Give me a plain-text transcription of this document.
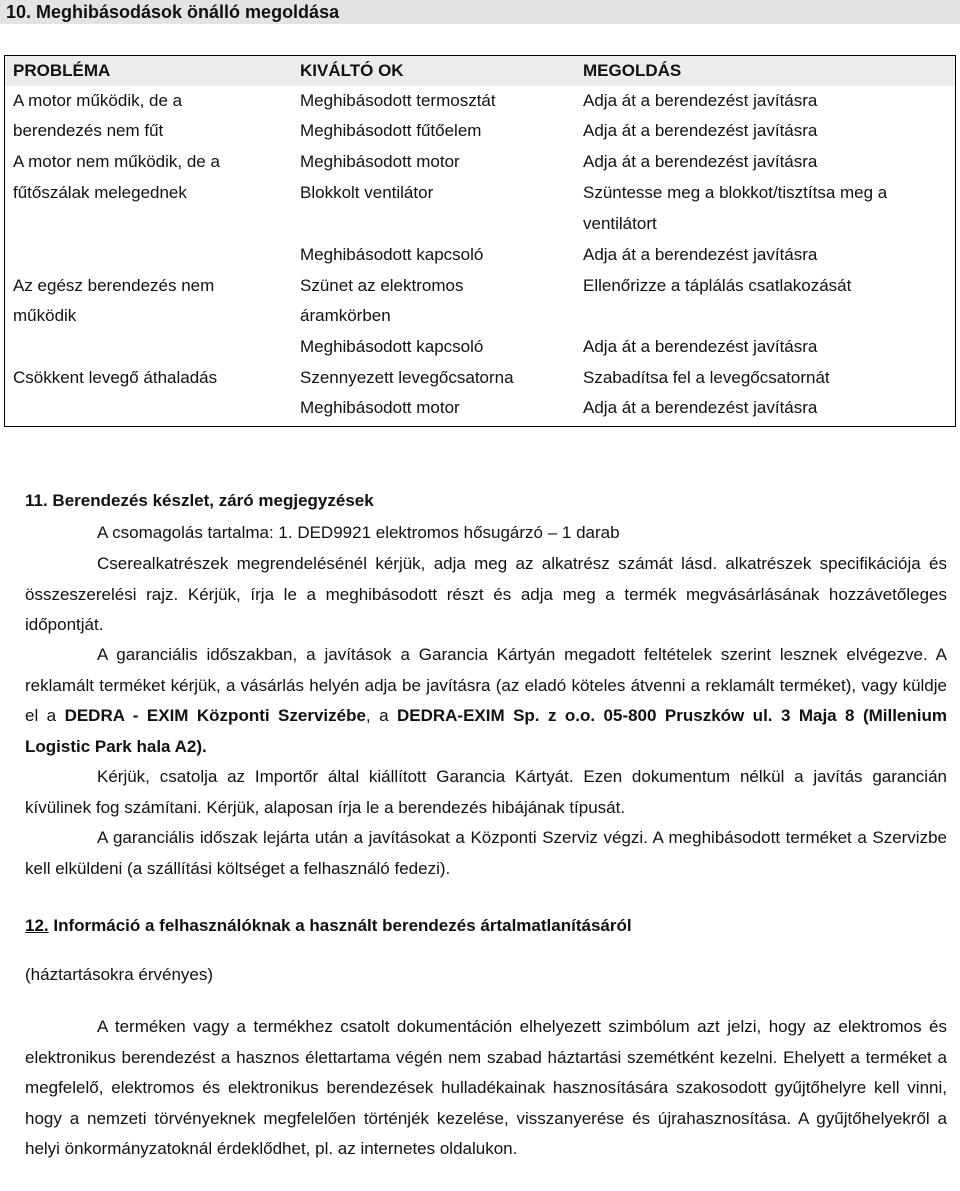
10. Meghibásodások önálló megoldása
PROBLÉMA	KIVÁLTÓ OK	MEGOLDÁS
A motor működik, de a
berendezés nem fűt
A motor nem működik, de a
fűtőszálak melegednek
Az egész berendezés nem
működik
Csökkent levegő áthaladás
Meghibásodott termosztát
Meghibásodott fűtőelem
Meghibásodott motor
Blokkolt ventilátor
Meghibásodott kapcsoló
Szünet az elektromos
áramkörben
Meghibásodott kapcsoló
Szennyezett levegőcsatorna
Meghibásodott motor
Adja át a berendezést javításra
Adja át a berendezést javításra
Adja át a berendezést javításra
Szüntesse meg a blokkot/tisztítsa meg a
ventilátort
Adja át a berendezést javításra
Ellenőrizze a táplálás csatlakozását
Adja át a berendezést javításra
Szabadítsa fel a levegőcsatornát
Adja át a berendezést javításra
11. Berendezés készlet, záró megjegyzések
A csomagolás tartalma: 1. DED9921 elektromos hősugárzó – 1 darab
Cserealkatrészek megrendelésénél kérjük, adja meg az alkatrész számát lásd. alkatrészek specifikációja és összeszerelési rajz. Kérjük, írja le a meghibásodott részt és adja meg a termék megvásárlásának hozzávetőleges időpontját.
A garanciális időszakban, a javítások a Garancia Kártyán megadott feltételek szerint lesznek elvégezve. A reklamált terméket kérjük, a vásárlás helyén adja be javításra (az eladó köteles átvenni a reklamált terméket), vagy küldje el a DEDRA - EXIM Központi Szervizébe, a DEDRA-EXIM Sp. z o.o. 05-800 Pruszków ul. 3 Maja 8 (Millenium Logistic Park hala A2).
Kérjük, csatolja az Importőr által kiállított Garancia Kártyát. Ezen dokumentum nélkül a javítás garancián kívülinek fog számítani. Kérjük, alaposan írja le a berendezés hibájának típusát.
A garanciális időszak lejárta után a javításokat a Központi Szerviz végzi. A meghibásodott terméket a Szervizbe kell elküldeni (a szállítási költséget a felhasználó fedezi).
12. Információ a felhasználóknak a használt berendezés ártalmatlanításáról
(háztartásokra érvényes)
A terméken vagy a termékhez csatolt dokumentáción elhelyezett szimbólum azt jelzi, hogy az elektromos és elektronikus berendezést a hasznos élettartama végén nem szabad háztartási szemétként kezelni. Ehelyett a terméket a megfelelő, elektromos és elektronikus berendezések hulladékainak hasznosítására szakosodott gyűjtőhelyre kell vinni, hogy a nemzeti törvényeknek megfelelően történjék kezelése, visszanyerése és újrahasznosítása. A gyűjtőhelyekről a helyi önkormányzatoknál érdeklődhet, pl. az internetes oldalukon.
